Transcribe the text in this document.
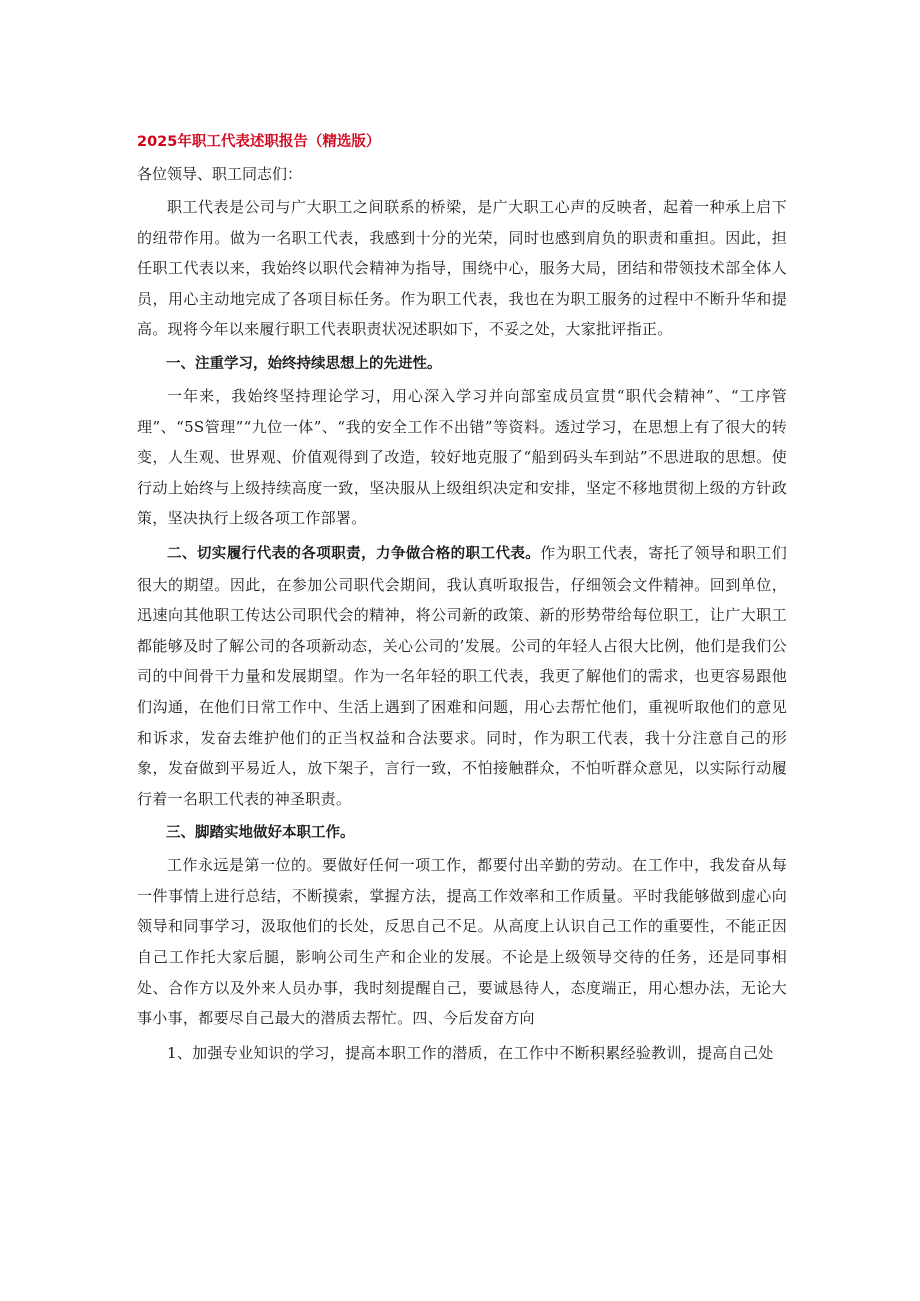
2025年职工代表述职报告（精选版）
各位领导、职工同志们：

职工代表是公司与广大职工之间联系的桥梁，是广大职工心声的反映者，起着一种承上启下的纽带作用。做为一名职工代表，我感到十分的光荣，同时也感到肩负的职责和重担。因此，担任职工代表以来，我始终以职代会精神为指导，围绕中心，服务大局，团结和带领技术部全体人员，用心主动地完成了各项目标任务。作为职工代表，我也在为职工服务的过程中不断升华和提高。现将今年以来履行职工代表职责状况述职如下，不妥之处，大家批评指正。

一、注重学习，始终持续思想上的先进性。

一年来，我始终坚持理论学习，用心深入学习并向部室成员宣贯“职代会精神”、“工序管理”、“5S管理”“九位一体”、“我的安全工作不出错”等资料。透过学习，在思想上有了很大的转变，人生观、世界观、价值观得到了改造，较好地克服了“船到码头车到站”不思进取的思想。使行动上始终与上级持续高度一致，坚决服从上级组织决定和安排，坚定不移地贯彻上级的方针政策，坚决执行上级各项工作部署。

二、切实履行代表的各项职责，力争做合格的职工代表。作为职工代表，寄托了领导和职工们很大的期望。因此，在参加公司职代会期间，我认真听取报告，仔细领会文件精神。回到单位，迅速向其他职工传达公司职代会的精神，将公司新的政策、新的形势带给每位职工，让广大职工都能够及时了解公司的各项新动态，关心公司的’发展。公司的年轻人占很大比例，他们是我们公司的中间骨干力量和发展期望。作为一名年轻的职工代表，我更了解他们的需求，也更容易跟他们沟通，在他们日常工作中、生活上遇到了困难和问题，用心去帮忙他们，重视听取他们的意见和诉求，发奋去维护他们的正当权益和合法要求。同时，作为职工代表，我十分注意自己的形象，发奋做到平易近人，放下架子，言行一致，不怕接触群众，不怕听群众意见，以实际行动履行着一名职工代表的神圣职责。

三、脚踏实地做好本职工作。

工作永远是第一位的。要做好任何一项工作，都要付出辛勤的劳动。在工作中，我发奋从每一件事情上进行总结，不断摸索，掌握方法，提高工作效率和工作质量。平时我能够做到虚心向领导和同事学习，汲取他们的长处，反思自己不足。从高度上认识自己工作的重要性，不能正因自己工作托大家后腿，影响公司生产和企业的发展。不论是上级领导交待的任务，还是同事相处、合作方以及外来人员办事，我时刻提醒自己，要诚恳待人，态度端正，用心想办法，无论大事小事，都要尽自己最大的潜质去帮忙。四、今后发奋方向

1、加强专业知识的学习，提高本职工作的潜质，在工作中不断积累经验教训，提高自己处
